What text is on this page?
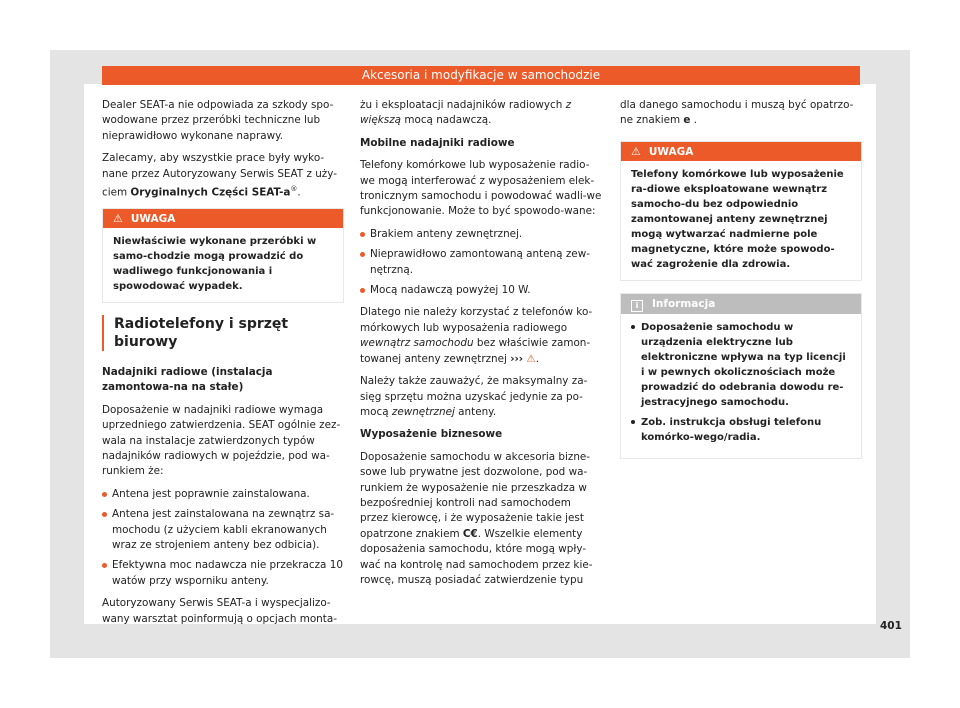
Akcesoria i modyfikacje w samochodzie

Dealer SEAT-a nie odpowiada za szkody spo-wodowane przez przeróbki techniczne lub nieprawidłowo wykonane naprawy.

Zalecamy, aby wszystkie prace były wyko-nane przez Autoryzowany Serwis SEAT z uży-ciem Oryginalnych Części SEAT-a®.

⚠ UWAGA
Niewłaściwie wykonane przeróbki w samo-chodzie mogą prowadzić do wadliwego funkcjonowania i spowodować wypadek.
Radiotelefony i sprzęt biurowy

Nadajniki radiowe (instalacja zamontowa-na na stałe)

Doposażenie w nadajniki radiowe wymaga uprzedniego zatwierdzenia. SEAT ogólnie zez-wala na instalacje zatwierdzonych typów nadajników radiowych w pojeździe, pod wa-runkiem że:

Antena jest poprawnie zainstalowana.
Antena jest zainstalowana na zewnątrz sa-mochodu (z użyciem kabli ekranowanych wraz ze strojeniem anteny bez odbicia).
Efektywna moc nadawcza nie przekracza 10 watów przy wsporniku anteny.

Autoryzowany Serwis SEAT-a i wyspecjalizo-wany warsztat poinformują o opcjach monta-

żu i eksploatacji nadajników radiowych z większą mocą nadawczą.

Mobilne nadajniki radiowe

Telefony komórkowe lub wyposażenie radio-we mogą interferować z wyposażeniem elek-tronicznym samochodu i powodować wadli-we funkcjonowanie. Może to być spowodo-wane:

Brakiem anteny zewnętrznej.
Nieprawidłowo zamontowaną anteną zew-nętrzną.
Mocą nadawczą powyżej 10 W.

Dlatego nie należy korzystać z telefonów ko-mórkowych lub wyposażenia radiowego wewnątrz samochodu bez właściwie zamon-towanej anteny zewnętrznej ››› ⚠.

Należy także zauważyć, że maksymalny za-sięg sprzętu można uzyskać jedynie za po-mocą zewnętrznej anteny.

Wyposażenie biznesowe

Doposażenie samochodu w akcesoria bizne-sowe lub prywatne jest dozwolone, pod wa-runkiem że wyposażenie nie przeszkadza w bezpośredniej kontroli nad samochodem przez kierowcę, i że wyposażenie takie jest opatrzone znakiem C€. Wszelkie elementy doposażenia samochodu, które mogą wpły-wać na kontrolę nad samochodem przez kie-rowcę, muszą posiadać zatwierdzenie typu

dla danego samochodu i muszą być opatrzo-ne znakiem e .

⚠ UWAGA
Telefony komórkowe lub wyposażenie ra-diowe eksploatowane wewnątrz samocho-du bez odpowiednio zamontowanej anteny zewnętrznej mogą wytwarzać nadmierne pole magnetyczne, które może spowodo-wać zagrożenie dla zdrowia.
i Informacja
Doposażenie samochodu w urządzenia elektryczne lub elektroniczne wpływa na typ licencji i w pewnych okolicznościach może prowadzić do odebrania dowodu re-jestracyjnego samochodu.
Zob. instrukcja obsługi telefonu komórko-wego/radia.
401
